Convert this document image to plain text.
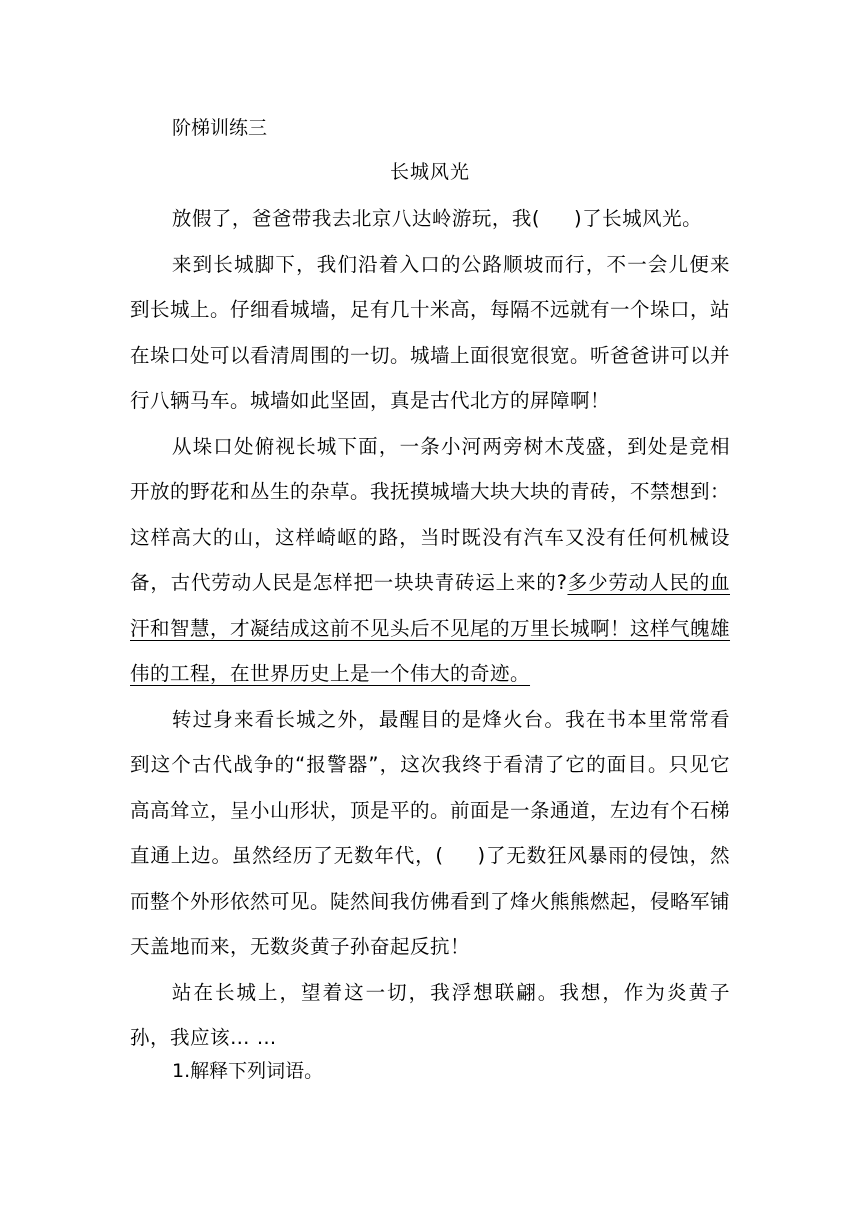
阶梯训练三
长城风光

放假了，爸爸带我去北京八达岭游玩，我( )了长城风光。

来到长城脚下，我们沿着入口的公路顺坡而行，不一会儿便来到长城上。仔细看城墙，足有几十米高，每隔不远就有一个垛口，站在垛口处可以看清周围的一切。城墙上面很宽很宽。听爸爸讲可以并行八辆马车。城墙如此坚固，真是古代北方的屏障啊！

从垛口处俯视长城下面，一条小河两旁树木茂盛，到处是竞相开放的野花和丛生的杂草。我抚摸城墙大块大块的青砖，不禁想到：这样高大的山，这样崎岖的路，当时既没有汽车又没有任何机械设备，古代劳动人民是怎样把一块块青砖运上来的?多少劳动人民的血汗和智慧，才凝结成这前不见头后不见尾的万里长城啊！这样气魄雄伟的工程，在世界历史上是一个伟大的奇迹。

转过身来看长城之外，最醒目的是烽火台。我在书本里常常看到这个古代战争的“报警器”，这次我终于看清了它的面目。只见它高高耸立，呈小山形状，顶是平的。前面是一条通道，左边有个石梯直通上边。虽然经历了无数年代，( )了无数狂风暴雨的侵蚀，然而整个外形依然可见。陡然间我仿佛看到了烽火熊熊燃起，侵略军铺天盖地而来，无数炎黄子孙奋起反抗！

站在长城上，望着这一切，我浮想联翩。我想，作为炎黄子孙，我应该… …

1.解释下列词语。
